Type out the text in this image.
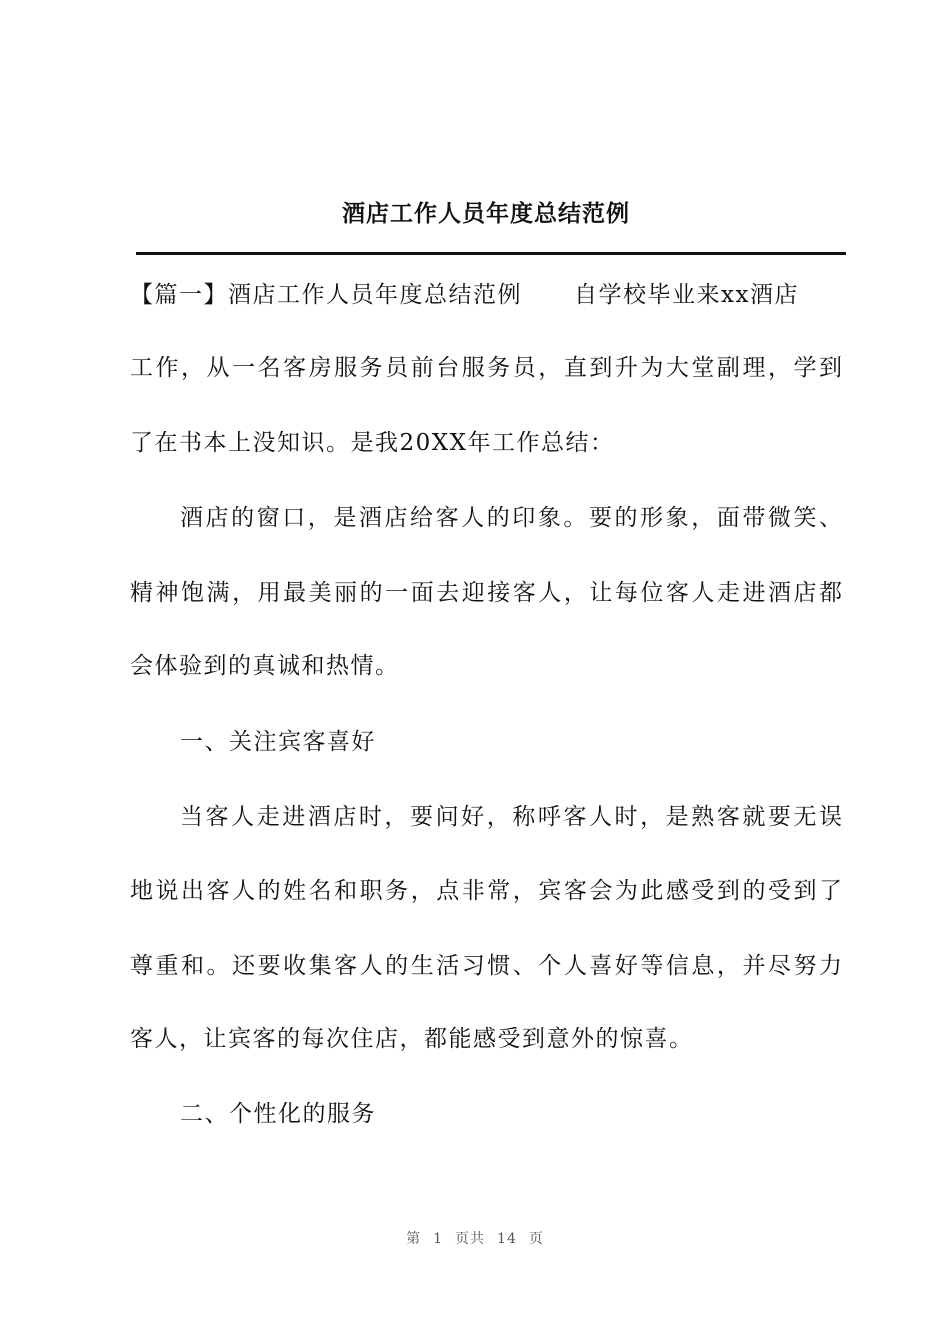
酒店工作人员年度总结范例
【篇一】酒店工作人员年度总结范例 自学校毕业来xx酒店
工作，从一名客房服务员前台服务员，直到升为大堂副理，学到
了在书本上没知识。是我20XX年工作总结：
酒店的窗口，是酒店给客人的印象。要的形象，面带微笑、
精神饱满，用最美丽的一面去迎接客人，让每位客人走进酒店都
会体验到的真诚和热情。
一、关注宾客喜好
当客人走进酒店时，要问好，称呼客人时，是熟客就要无误
地说出客人的姓名和职务，点非常，宾客会为此感受到的受到了
尊重和。还要收集客人的生活习惯、个人喜好等信息，并尽努力
客人，让宾客的每次住店，都能感受到意外的惊喜。
二、个性化的服务
第 1 页共 14 页
